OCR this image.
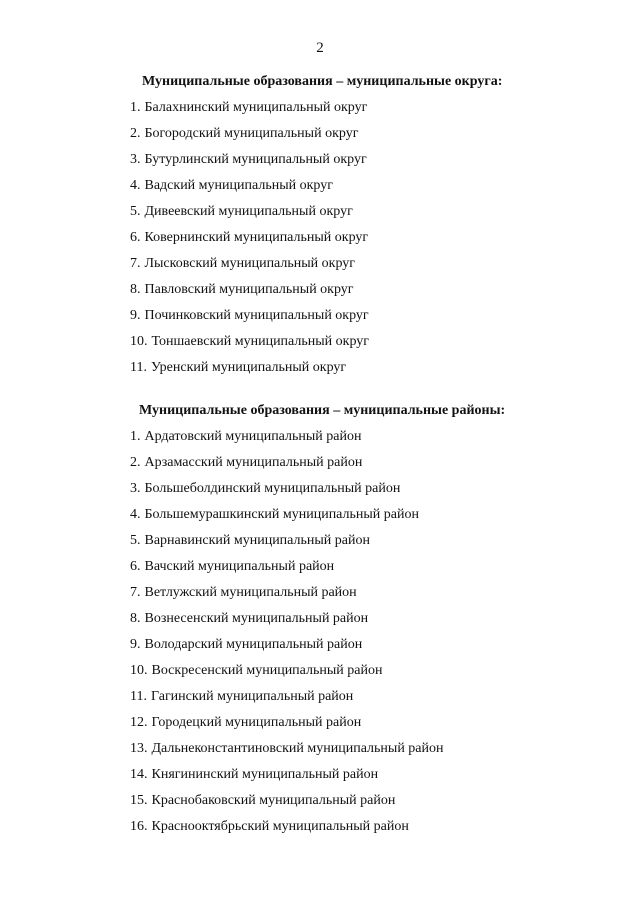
2
Муниципальные образования – муниципальные округа:
1. Балахнинский муниципальный округ
2. Богородский муниципальный округ
3. Бутурлинский муниципальный округ
4. Вадский муниципальный округ
5. Дивеевский муниципальный округ
6. Ковернинский муниципальный округ
7. Лысковский муниципальный округ
8. Павловский муниципальный округ
9. Починковский муниципальный округ
10. Тоншаевский муниципальный округ
11. Уренский муниципальный округ
Муниципальные образования – муниципальные районы:
1. Ардатовский муниципальный район
2. Арзамасский муниципальный район
3. Большеболдинский муниципальный район
4. Большемурашкинский муниципальный район
5. Варнавинский муниципальный район
6. Вачский муниципальный район
7. Ветлужский муниципальный район
8. Вознесенский муниципальный район
9. Володарский муниципальный район
10. Воскресенский муниципальный район
11. Гагинский муниципальный район
12. Городецкий муниципальный район
13. Дальнеконстантиновский муниципальный район
14. Княгининский муниципальный район
15. Краснобаковский муниципальный район
16. Краснооктябрьский муниципальный район
